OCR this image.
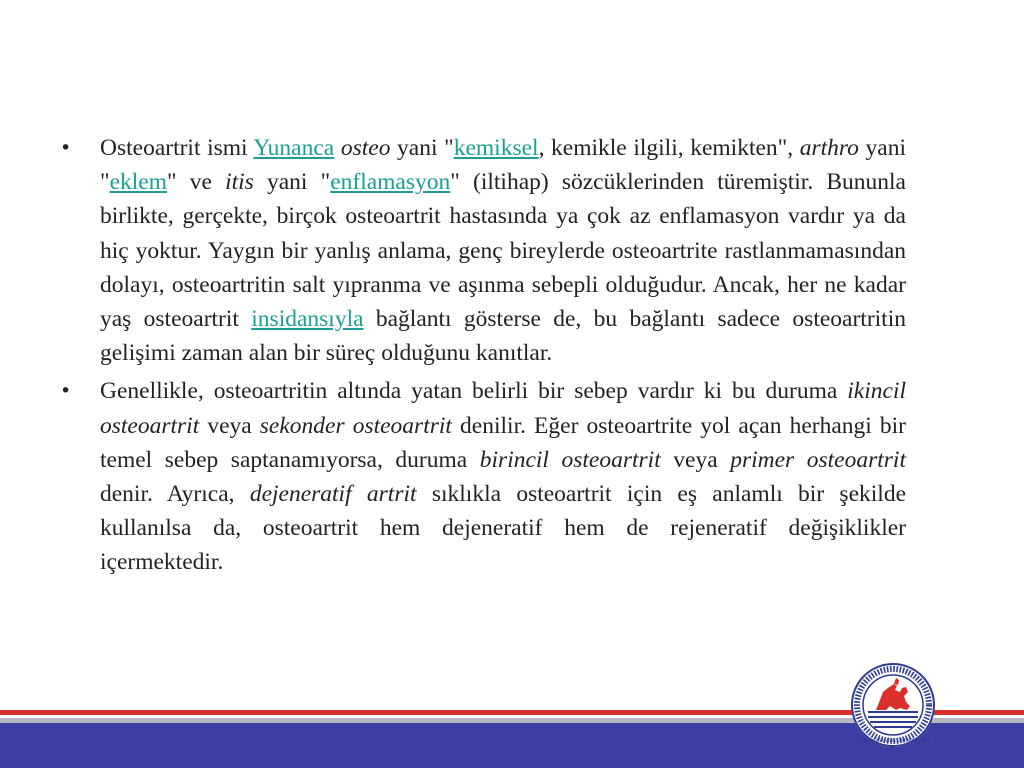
• Osteoartrit ismi Yunanca osteo yani "kemiksel, kemikle ilgili, kemikten", arthro yani "eklem" ve itis yani "enflamasyon" (iltihap) sözcüklerinden türemiştir. Bununla birlikte, gerçekte, birçok osteoartrit hastasında ya çok az enflamasyon vardır ya da hiç yoktur. Yaygın bir yanlış anlama, genç bireylerde osteoartrite rastlanmamasından dolayı, osteoartritin salt yıpranma ve aşınma sebepli olduğudur. Ancak, her ne kadar yaş osteoartrit insidansıyla bağlantı gösterse de, bu bağlantı sadece osteoartritin gelişimi zaman alan bir süreç olduğunu kanıtlar.

• Genellikle, osteoartritin altında yatan belirli bir sebep vardır ki bu duruma ikincil osteoartrit veya sekonder osteoartrit denilir. Eğer osteoartrite yol açan herhangi bir temel sebep saptanamıyorsa, duruma birincil osteoartrit veya primer osteoartrit denir. Ayrıca, dejeneratif artrit sıklıkla osteoartrit için eş anlamlı bir şekilde kullanılsa da, osteoartrit hem dejeneratif hem de rejeneratif değişiklikler içermektedir.

ONDOKUZ MAYIS ÜNİVERSİTESİ
